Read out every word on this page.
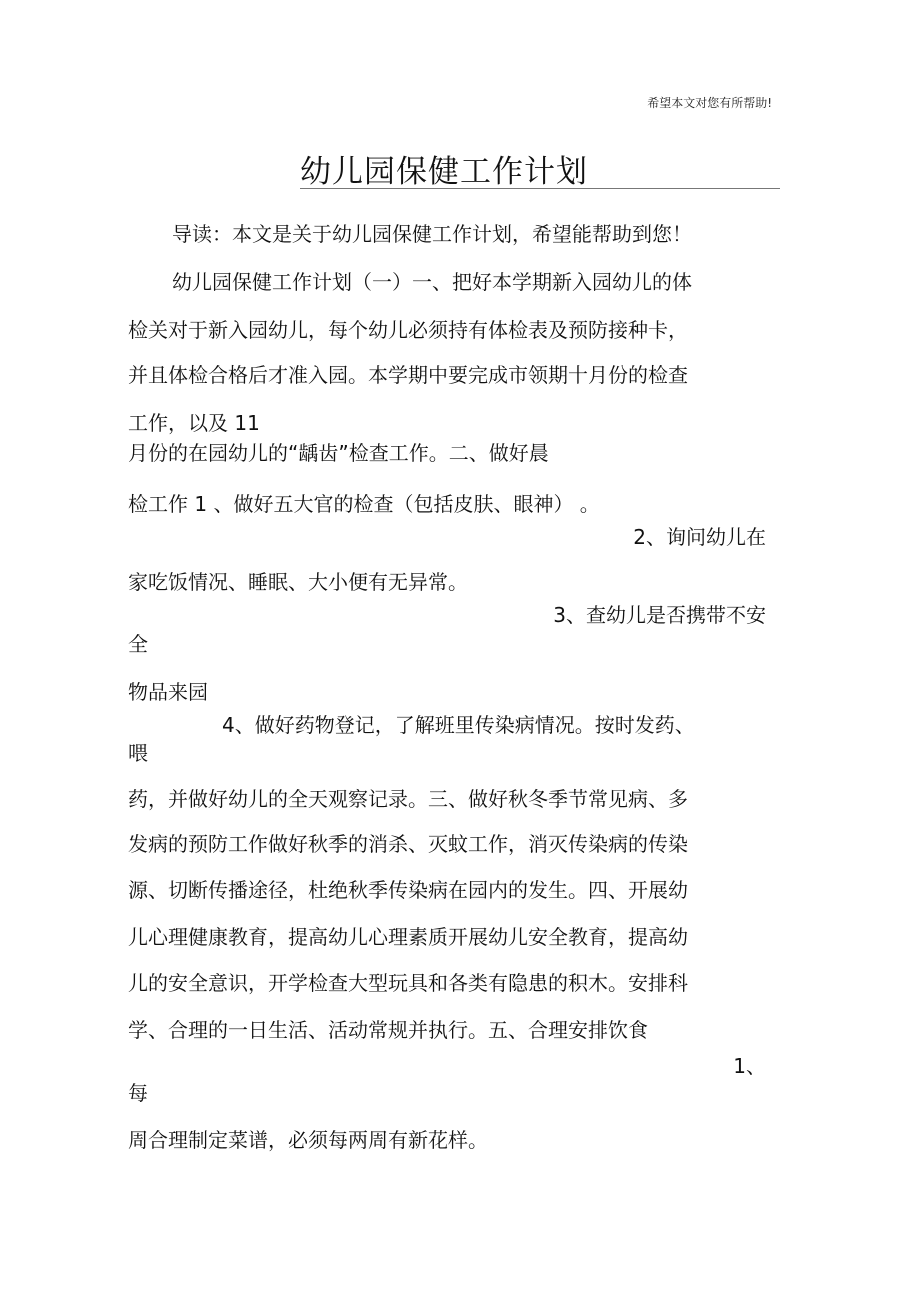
希望本文对您有所帮助!
幼儿园保健工作计划
导读：本文是关于幼儿园保健工作计划，希望能帮助到您！
幼儿园保健工作计划（一）一、把好本学期新入园幼儿的体
检关对于新入园幼儿，每个幼儿必须持有体检表及预防接种卡，
并且体检合格后才准入园。本学期中要完成市领期十月份的检查
工作，以及 11
月份的在园幼儿的“龋齿”检查工作。二、做好晨
检工作 1 、做好五大官的检查（包括皮肤、眼神） 。
2、询问幼儿在
家吃饭情况、睡眠、大小便有无异常。
3、查幼儿是否携带不安
全
物品来园
4、做好药物登记，了解班里传染病情况。按时发药、
喂
药，并做好幼儿的全天观察记录。三、做好秋冬季节常见病、多
发病的预防工作做好秋季的消杀、灭蚊工作，消灭传染病的传染
源、切断传播途径，杜绝秋季传染病在园内的发生。四、开展幼
儿心理健康教育，提高幼儿心理素质开展幼儿安全教育，提高幼
儿的安全意识，开学检查大型玩具和各类有隐患的积木。安排科
学、合理的一日生活、活动常规并执行。五、合理安排饮食
1、
每
周合理制定菜谱，必须每两周有新花样。
